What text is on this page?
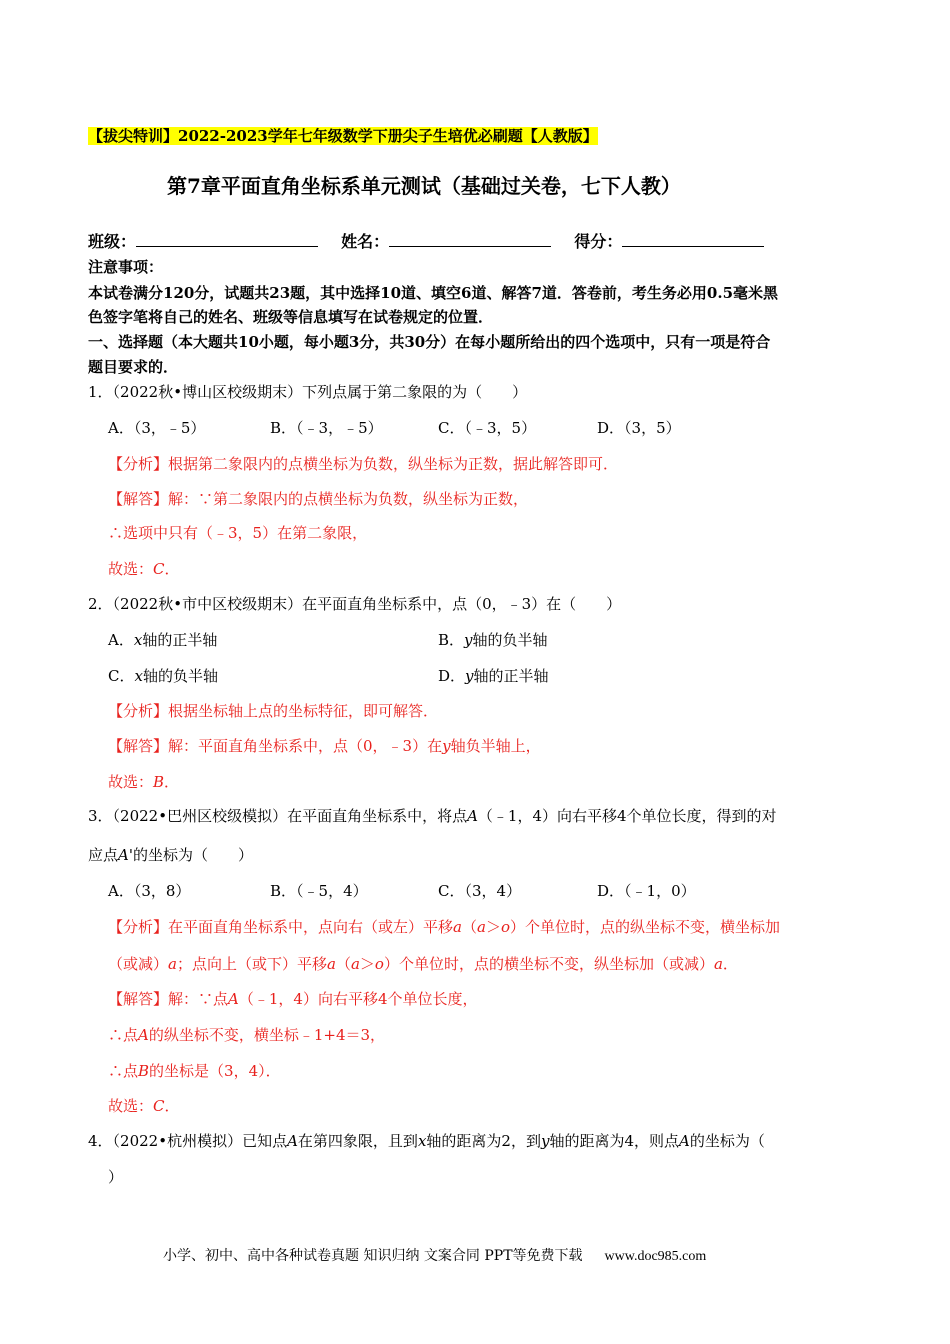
【拔尖特训】2022-2023学年七年级数学下册尖子生培优必刷题【人教版】
第7章平面直角坐标系单元测试（基础过关卷，七下人教）
班级：	姓名：	得分：
注意事项：
本试卷满分120分，试题共23题，其中选择10道、填空6道、解答7道．答卷前，考生务必用0.5毫米黑
色签字笔将自己的姓名、班级等信息填写在试卷规定的位置．
一、选择题（本大题共10小题，每小题3分，共30分）在每小题所给出的四个选项中，只有一项是符合
题目要求的．
1．（2022秋•博山区校级期末）下列点属于第二象限的为（　　）
A．（3，﹣5）	B．（﹣3，﹣5）	C．（﹣3，5）	D．（3，5）
【分析】根据第二象限内的点横坐标为负数，纵坐标为正数，据此解答即可．
【解答】解：∵第二象限内的点横坐标为负数，纵坐标为正数，
∴选项中只有（﹣3，5）在第二象限，
故选：C．
2．（2022秋•市中区校级期末）在平面直角坐标系中，点（0，﹣3）在（　　）
A．x轴的正半轴	B．y轴的负半轴
C．x轴的负半轴	D．y轴的正半轴
【分析】根据坐标轴上点的坐标特征，即可解答．
【解答】解：平面直角坐标系中，点（0，﹣3）在y轴负半轴上，
故选：B．
3．（2022•巴州区校级模拟）在平面直角坐标系中，将点A（﹣1，4）向右平移4个单位长度，得到的对
应点A'的坐标为（　　）
A．（3，8）	B．（﹣5，4）	C．（3，4）	D．（﹣1，0）
【分析】在平面直角坐标系中，点向右（或左）平移a（a＞o）个单位时，点的纵坐标不变，横坐标加
（或减）a；点向上（或下）平移a（a＞o）个单位时，点的横坐标不变，纵坐标加（或减）a．
【解答】解：∵点A（﹣1，4）向右平移4个单位长度，
∴点A的纵坐标不变，横坐标﹣1+4＝3，
∴点B的坐标是（3，4）．
故选：C．
4．（2022•杭州模拟）已知点A在第四象限，且到x轴的距离为2，到y轴的距离为4，则点A的坐标为（
）
小学、初中、高中各种试卷真题 知识归纳 文案合同 PPT等免费下载 www.doc985.com
